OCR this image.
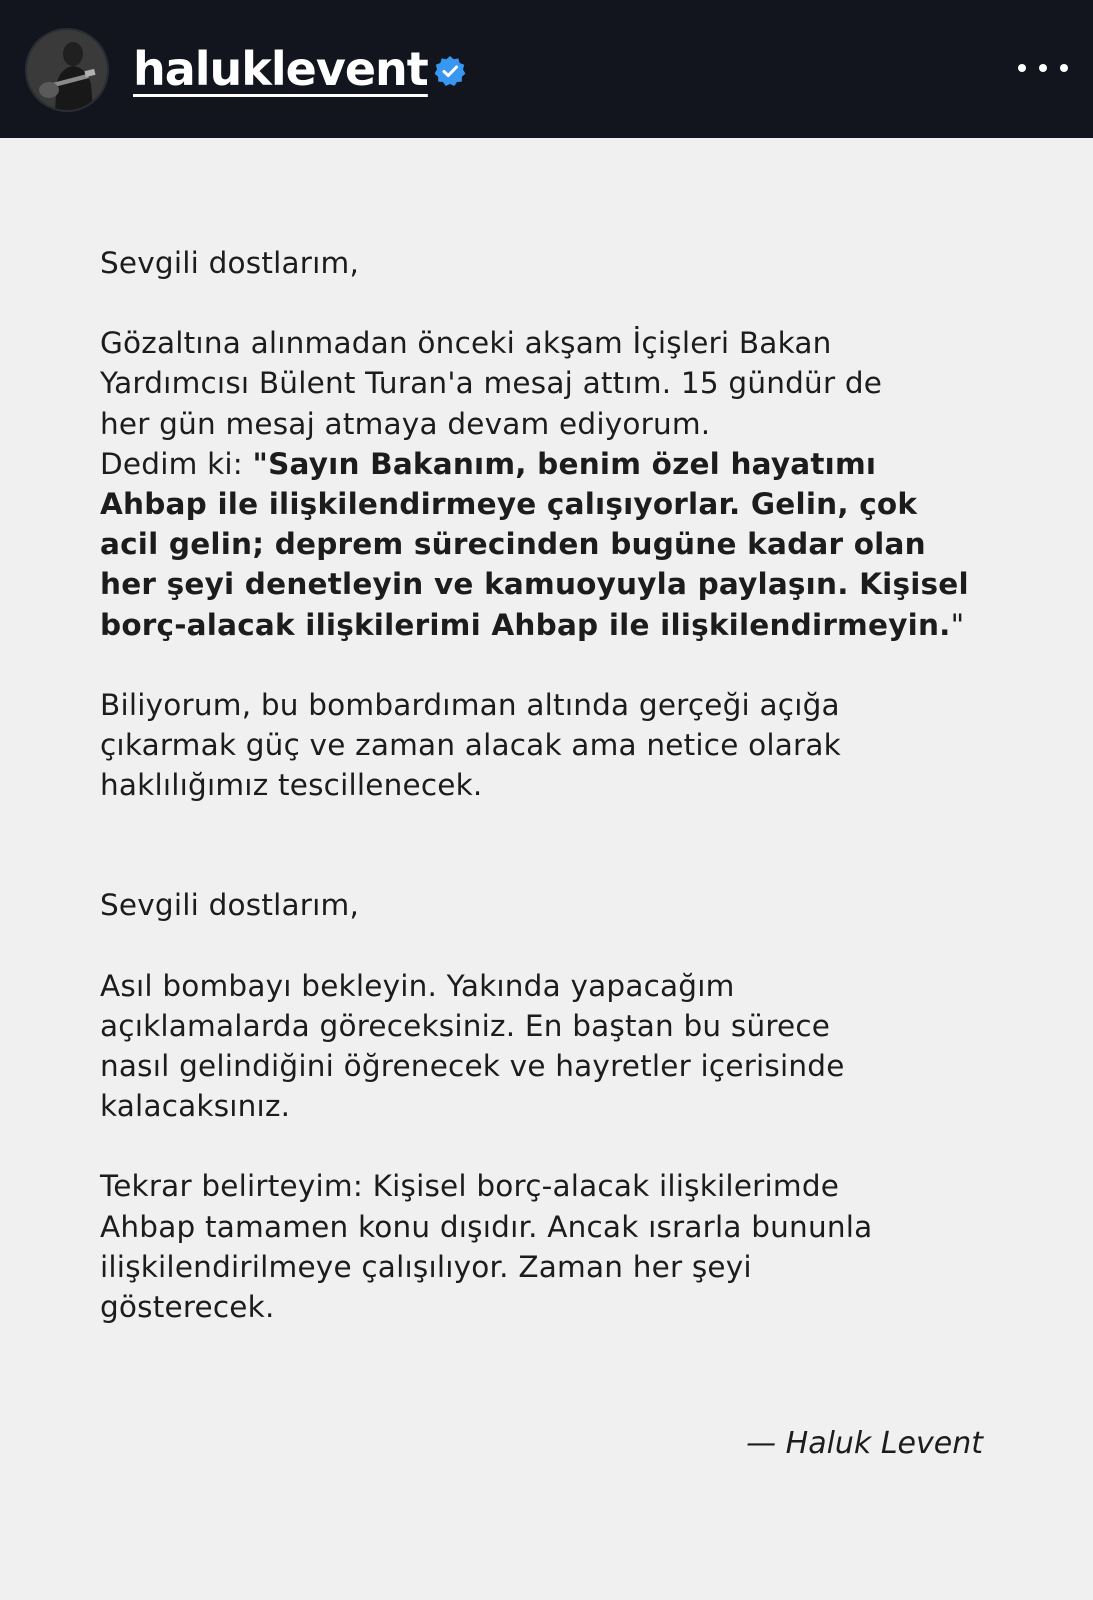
haluklevent

Sevgili dostlarım,

Gözaltına alınmadan önceki akşam İçişleri Bakan

Yardımcısı Bülent Turan'a mesaj attım. 15 gündür de

her gün mesaj atmaya devam ediyorum.

Dedim ki: "Sayın Bakanım, benim özel hayatımı

Ahbap ile ilişkilendirmeye çalışıyorlar. Gelin, çok

acil gelin; deprem sürecinden bugüne kadar olan

her şeyi denetleyin ve kamuoyuyla paylaşın. Kişisel

borç-alacak ilişkilerimi Ahbap ile ilişkilendirmeyin."

Biliyorum, bu bombardıman altında gerçeği açığa

çıkarmak güç ve zaman alacak ama netice olarak

haklılığımız tescillenecek.

Sevgili dostlarım,

Asıl bombayı bekleyin. Yakında yapacağım

açıklamalarda göreceksiniz. En baştan bu sürece

nasıl gelindiğini öğrenecek ve hayretler içerisinde

kalacaksınız.

Tekrar belirteyim: Kişisel borç-alacak ilişkilerimde

Ahbap tamamen konu dışıdır. Ancak ısrarla bununla

ilişkilendirilmeye çalışılıyor. Zaman her şeyi

gösterecek.

— Haluk Levent
